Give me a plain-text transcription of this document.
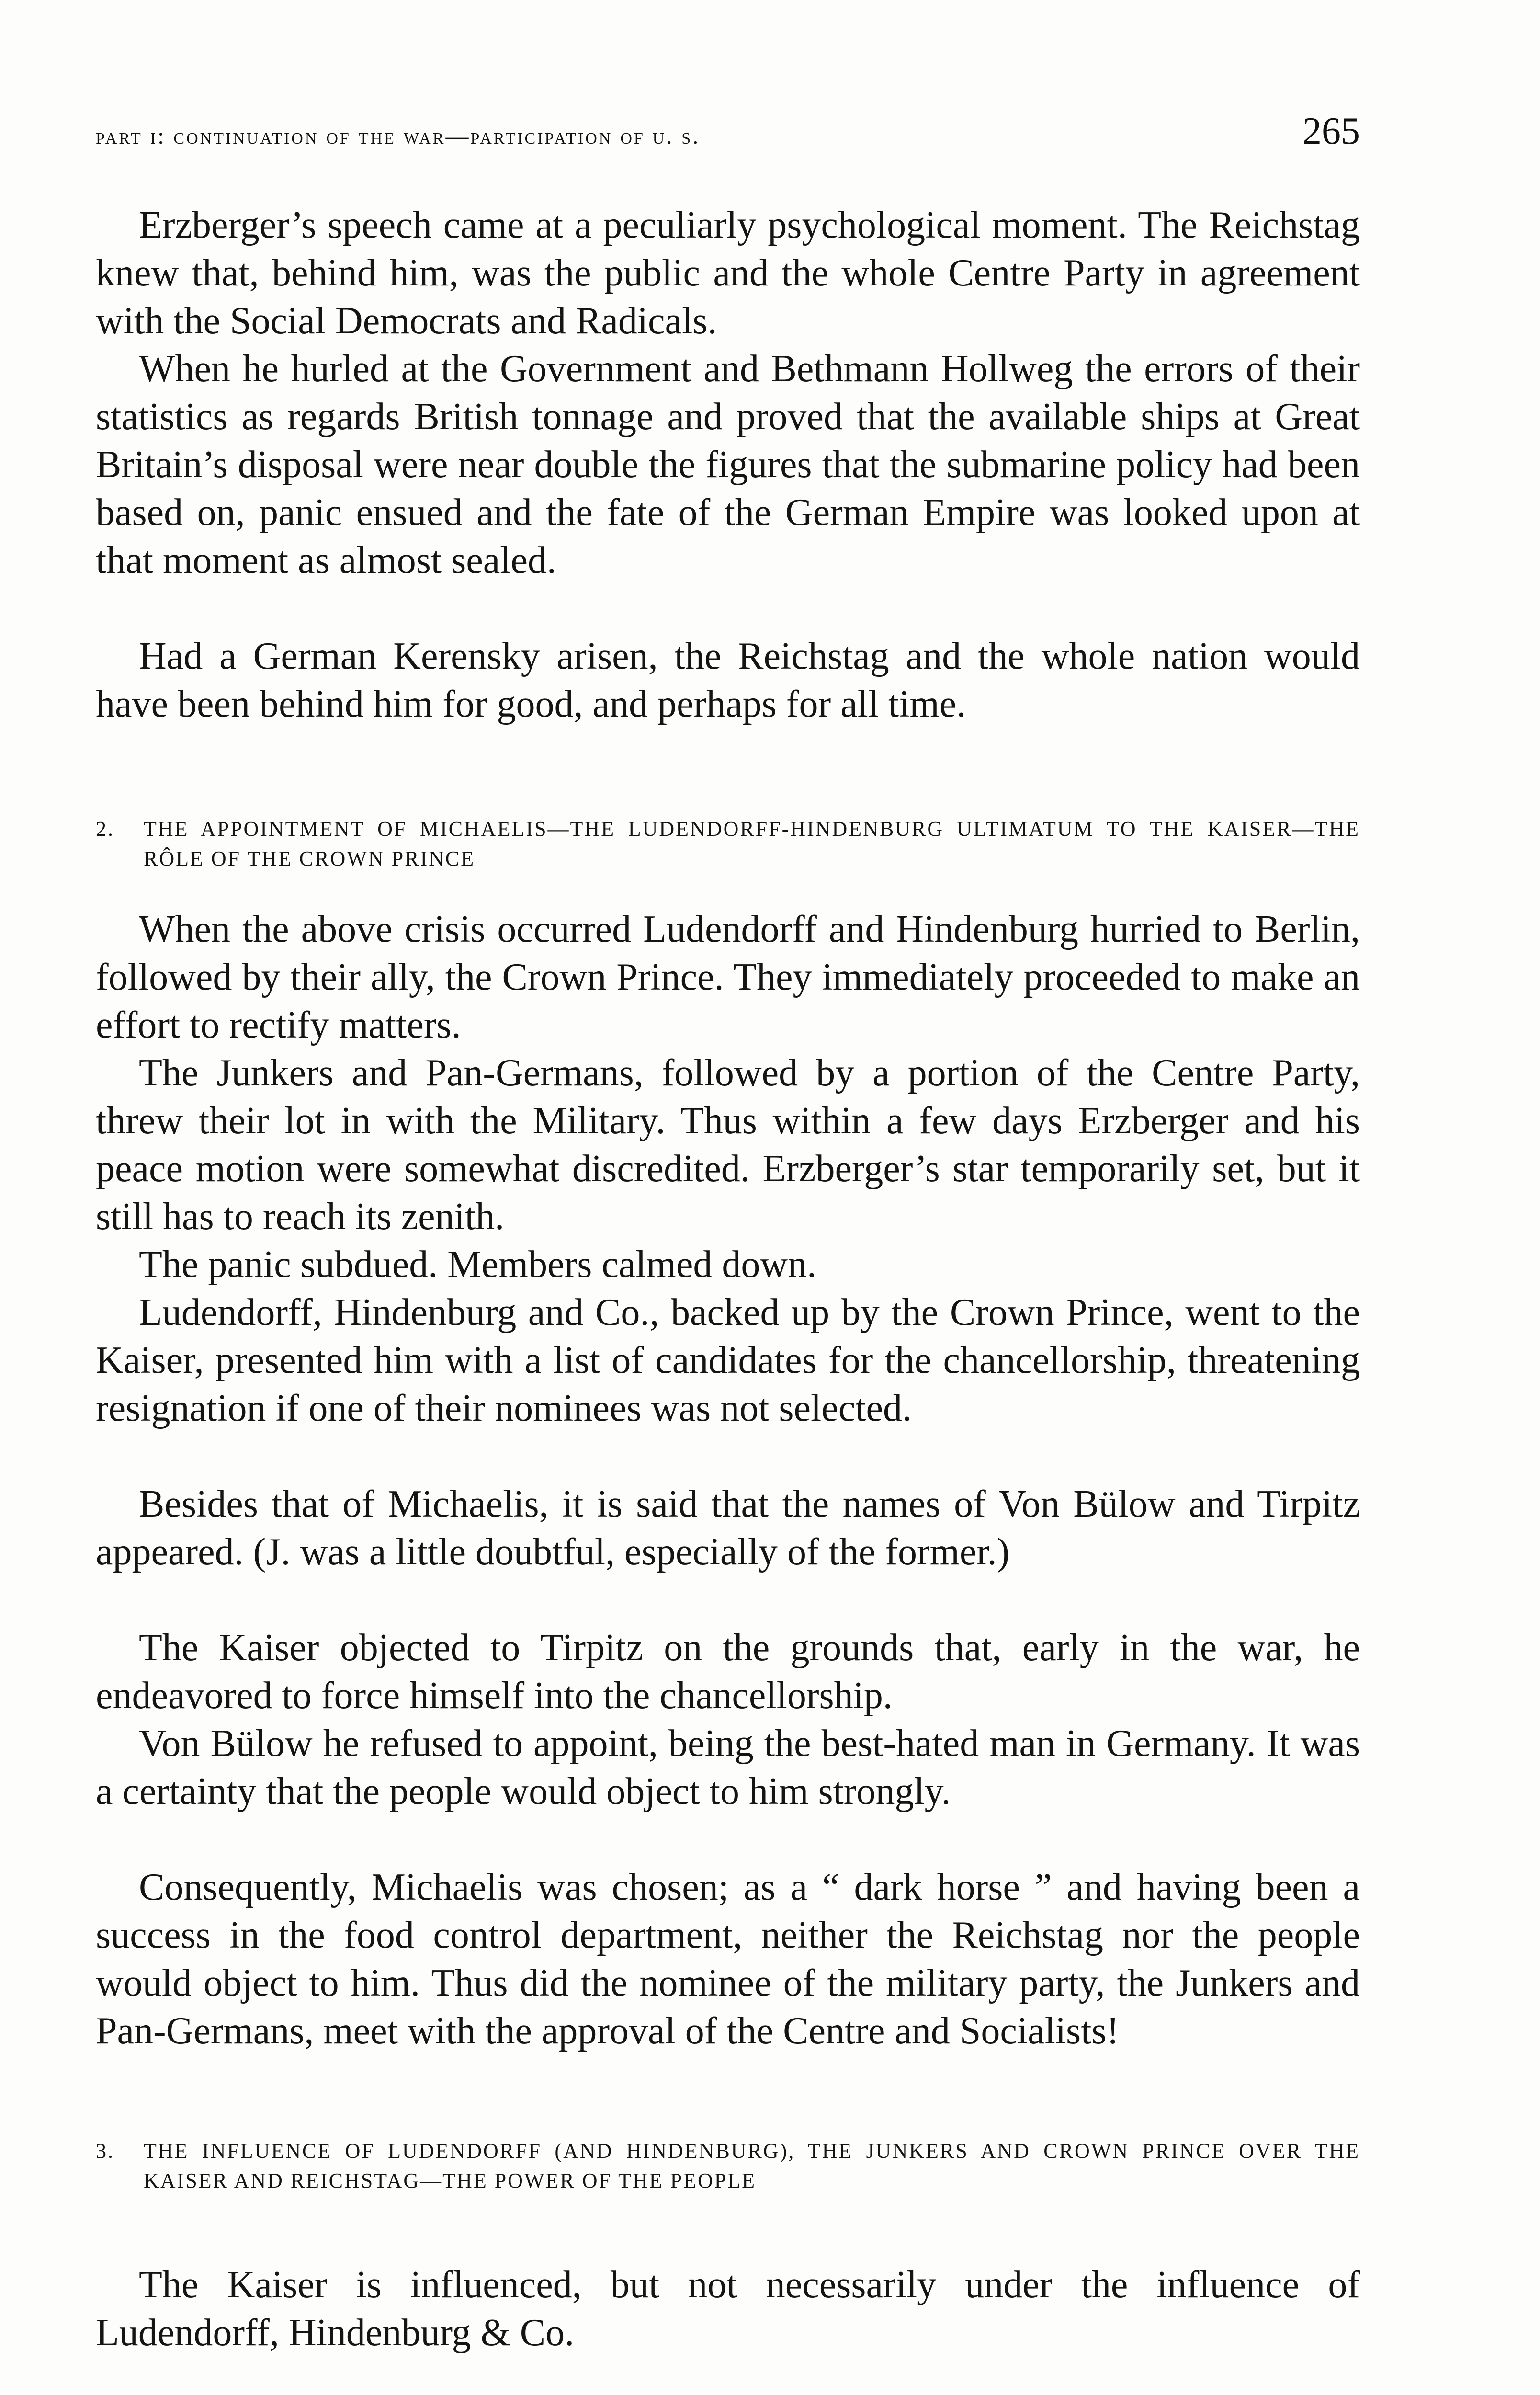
part i: continuation of the war—participation of u. s.	265

Erzberger’s speech came at a peculiarly psychological moment. The Reichstag knew that, behind him, was the public and the whole Centre Party in agreement with the Social Democrats and Radicals.

When he hurled at the Government and Bethmann Hollweg the errors of their statistics as regards British tonnage and proved that the available ships at Great Britain’s disposal were near double the figures that the submarine policy had been based on, panic ensued and the fate of the German Empire was looked upon at that moment as almost sealed.

Had a German Kerensky arisen, the Reichstag and the whole nation would have been behind him for good, and perhaps for all time.

2. THE APPOINTMENT OF MICHAELIS—THE LUDENDORFF-HINDENBURG ULTIMATUM TO THE KAISER—THE RÔLE OF THE CROWN PRINCE

When the above crisis occurred Ludendorff and Hindenburg hurried to Berlin, followed by their ally, the Crown Prince. They immediately proceeded to make an effort to rectify matters.

The Junkers and Pan-Germans, followed by a portion of the Centre Party, threw their lot in with the Military. Thus within a few days Erzberger and his peace motion were somewhat discredited. Erzberger’s star temporarily set, but it still has to reach its zenith.

The panic subdued. Members calmed down.

Ludendorff, Hindenburg and Co., backed up by the Crown Prince, went to the Kaiser, presented him with a list of candidates for the chancellorship, threatening resignation if one of their nominees was not selected.

Besides that of Michaelis, it is said that the names of Von Bülow and Tirpitz appeared. (J. was a little doubtful, especially of the former.)

The Kaiser objected to Tirpitz on the grounds that, early in the war, he endeavored to force himself into the chancellorship.

Von Bülow he refused to appoint, being the best-hated man in Germany. It was a certainty that the people would object to him strongly.

Consequently, Michaelis was chosen; as a “ dark horse ” and having been a success in the food control department, neither the Reichstag nor the people would object to him. Thus did the nominee of the military party, the Junkers and Pan-Germans, meet with the approval of the Centre and Socialists!

3. THE INFLUENCE OF LUDENDORFF (AND HINDENBURG), THE JUNKERS AND CROWN PRINCE OVER THE KAISER AND REICHSTAG—THE POWER OF THE PEOPLE

The Kaiser is influenced, but not necessarily under the influence of Ludendorff, Hindenburg & Co.
